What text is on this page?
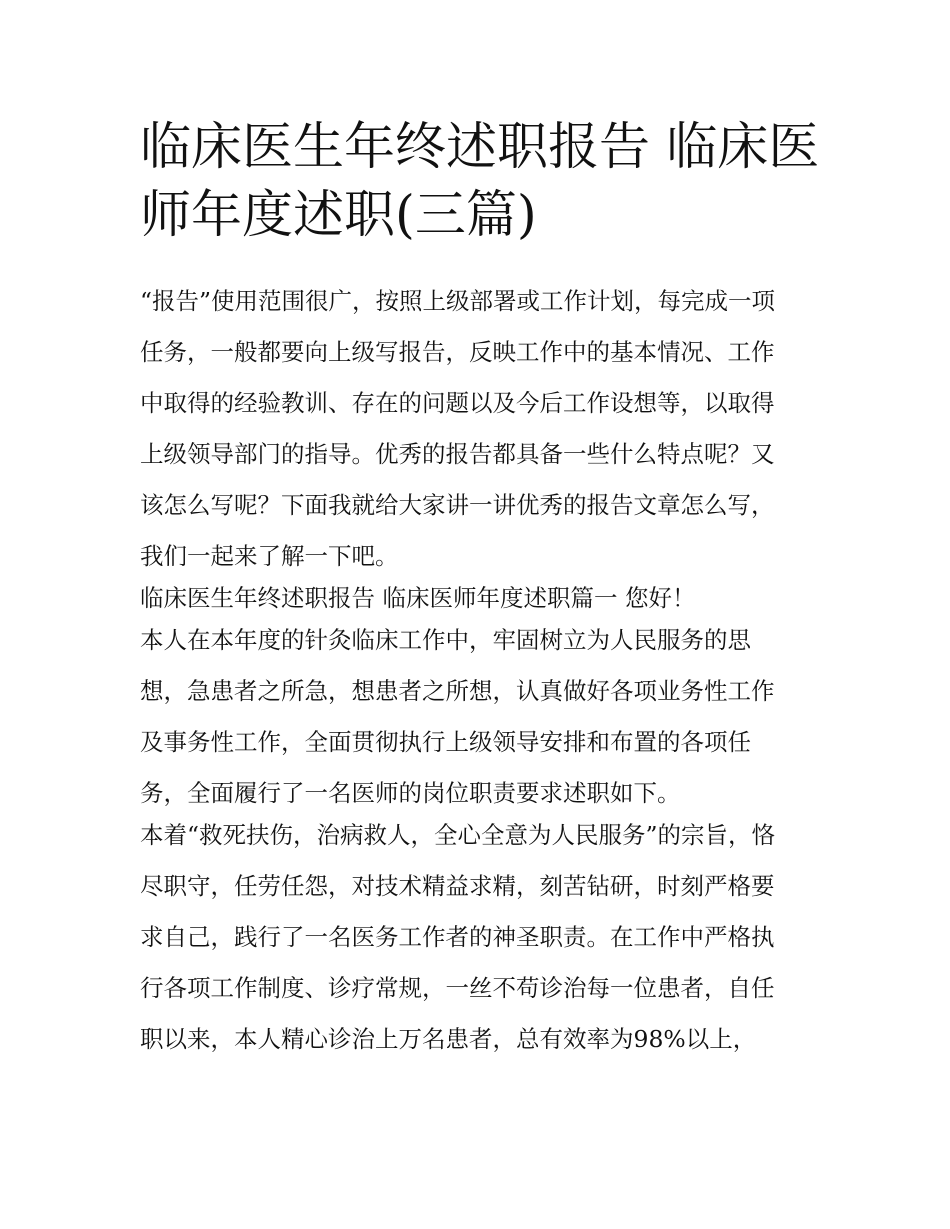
临床医生年终述职报告 临床医
师年度述职(三篇)
“报告”使用范围很广，按照上级部署或工作计划，每完成一项
任务，一般都要向上级写报告，反映工作中的基本情况、工作
中取得的经验教训、存在的问题以及今后工作设想等，以取得
上级领导部门的指导。优秀的报告都具备一些什么特点呢？又
该怎么写呢？下面我就给大家讲一讲优秀的报告文章怎么写，
我们一起来了解一下吧。
临床医生年终述职报告 临床医师年度述职篇一 您好！
本人在本年度的针灸临床工作中，牢固树立为人民服务的思
想，急患者之所急，想患者之所想，认真做好各项业务性工作
及事务性工作，全面贯彻执行上级领导安排和布置的各项任
务，全面履行了一名医师的岗位职责要求述职如下。
本着“救死扶伤，治病救人，全心全意为人民服务”的宗旨，恪
尽职守，任劳任怨，对技术精益求精，刻苦钻研，时刻严格要
求自己，践行了一名医务工作者的神圣职责。在工作中严格执
行各项工作制度、诊疗常规，一丝不苟诊治每一位患者，自任
职以来，本人精心诊治上万名患者，总有效率为98%以上，
